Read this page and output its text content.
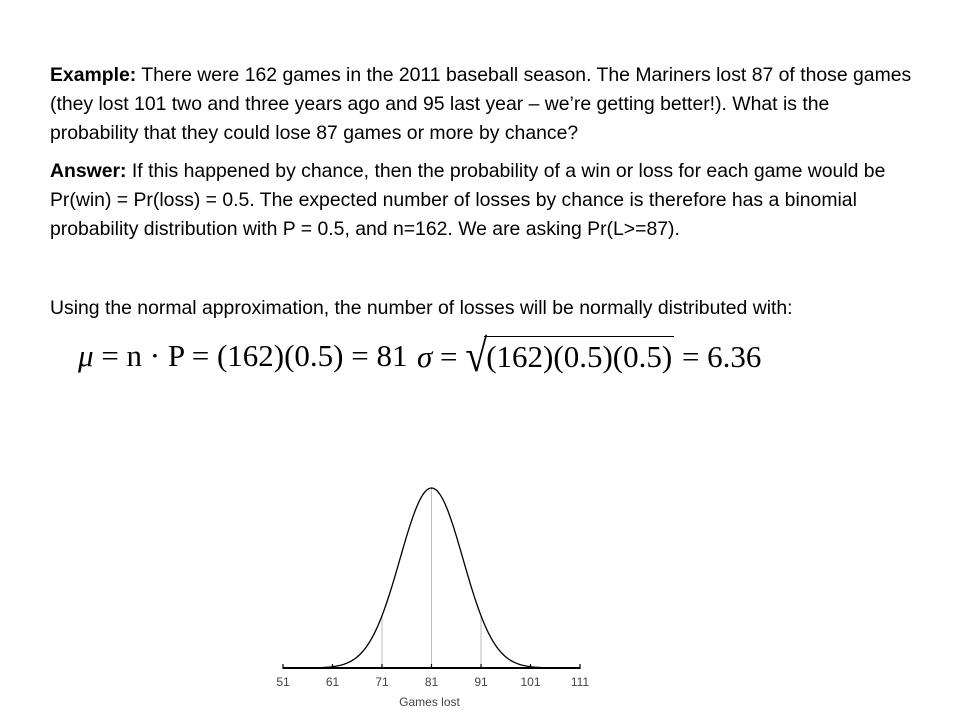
Example: There were 162 games in the 2011 baseball season. The Mariners lost 87 of those games (they lost 101 two and three years ago and 95 last year – we’re getting better!). What is the probability that they could lose 87 games or more by chance?
Answer: If this happened by chance, then the probability of a win or loss for each game would be Pr(win) = Pr(loss) = 0.5. The expected number of losses by chance is therefore has a binomial probability distribution with P = 0.5, and n=162. We are asking Pr(L>=87).
Using the normal approximation, the number of losses will be normally distributed with:
μ = n · P = (162)(0.5) = 81 σ = √(162)(0.5)(0.5) = 6.36
51	61	71	81	91	101	111
Games lost
